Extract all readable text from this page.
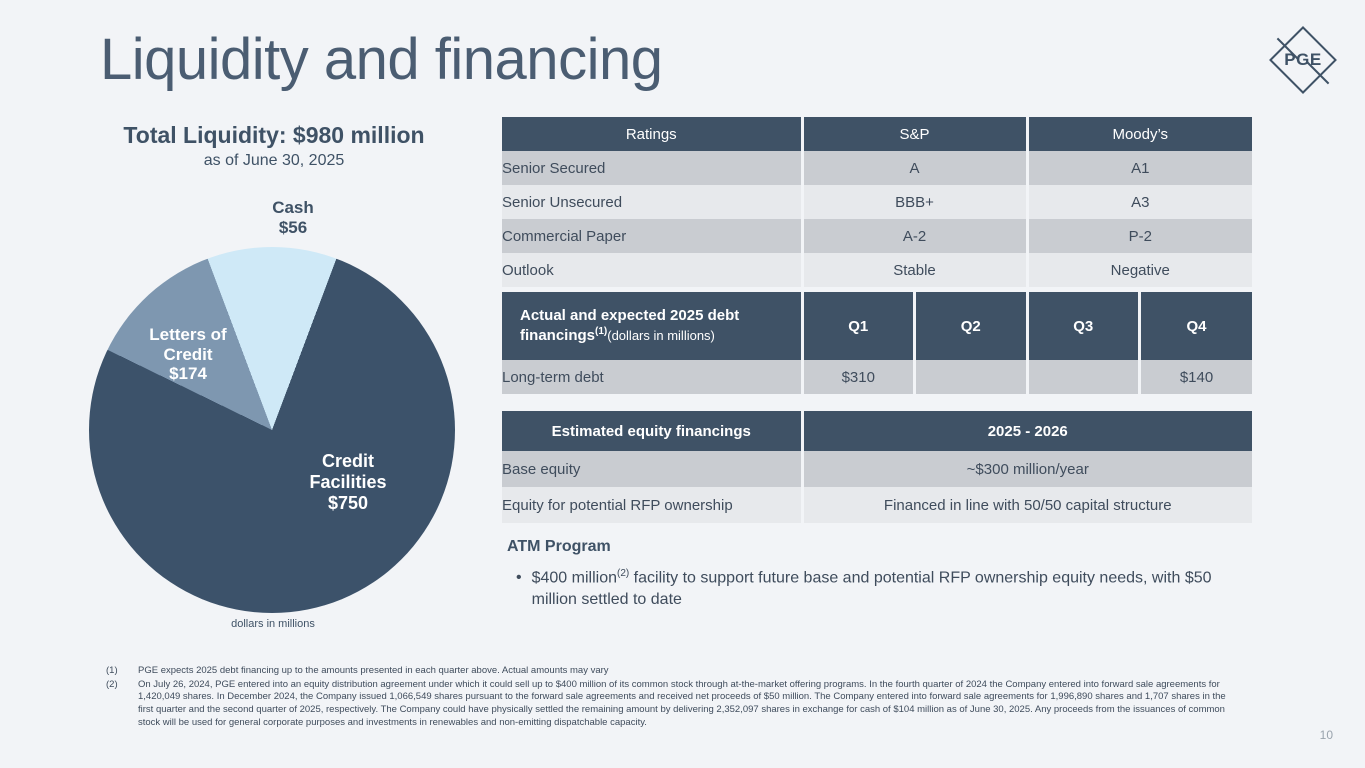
Liquidity and financing	PGE
Total Liquidity: $980 million
as of June 30, 2025
Cash
$56
Letters of
Credit
$174
Credit
Facilities
$750
dollars in millions
Ratings	S&P	Moody’s
Senior Secured	A	A1
Senior Unsecured	BBB+	A3
Commercial Paper	A-2	P-2
Outlook	Stable	Negative
Actual and expected 2025 debt
financings$^{(1)}$(dollars in millions)	Q1	Q2	Q3	Q4
Long-term debt	$310			$140
Estimated equity financings	2025 - 2026
Base equity	~$300 million/year
Equity for potential RFP ownership	Financed in line with 50/50 capital structure
ATM Program
• $400 million$^{(2)}$ facility to support future base and potential RFP ownership equity needs, with $50 million settled to date
(1)	PGE expects 2025 debt financing up to the amounts presented in each quarter above. Actual amounts may vary
(2)	On July 26, 2024, PGE entered into an equity distribution agreement under which it could sell up to $400 million of its common stock through at-the-market offering programs. In the fourth quarter of 2024 the Company entered into forward sale agreements for 1,420,049 shares. In December 2024, the Company issued 1,066,549 shares pursuant to the forward sale agreements and received net proceeds of $50 million. The Company entered into forward sale agreements for 1,996,890 shares and 1,707 shares in the first quarter and the second quarter of 2025, respectively. The Company could have physically settled the remaining amount by delivering 2,352,097 shares in exchange for cash of $104 million as of June 30, 2025. Any proceeds from the issuances of common stock will be used for general corporate purposes and investments in renewables and non-emitting dispatchable capacity.
10
